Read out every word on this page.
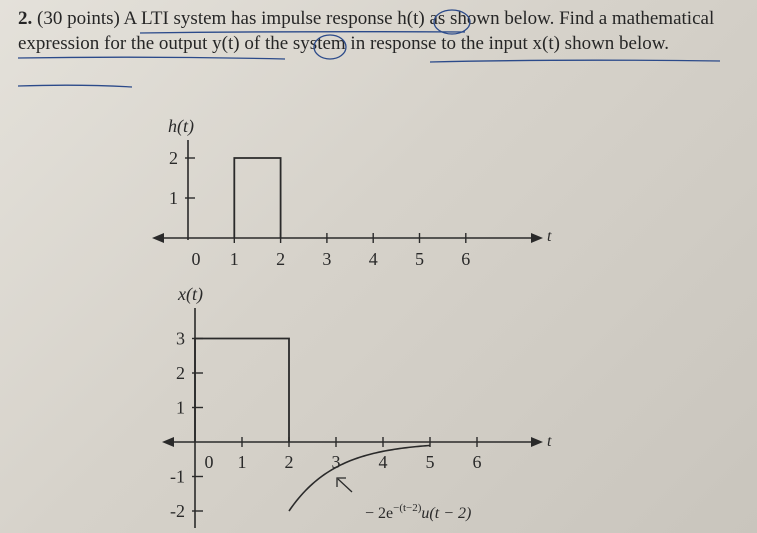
2. (30 points) A LTI system has impulse response h(t) as shown below. Find a mathematical expression for the output y(t) of the system in response to the input x(t) shown below.
h(t)
t
0 1 2 3 4 5 6
1
2
x(t)
t
0 1 2 3 4 5 6
3
2
1
-1
-2	− $2e^{-(t-2)}u(t - 2)$
